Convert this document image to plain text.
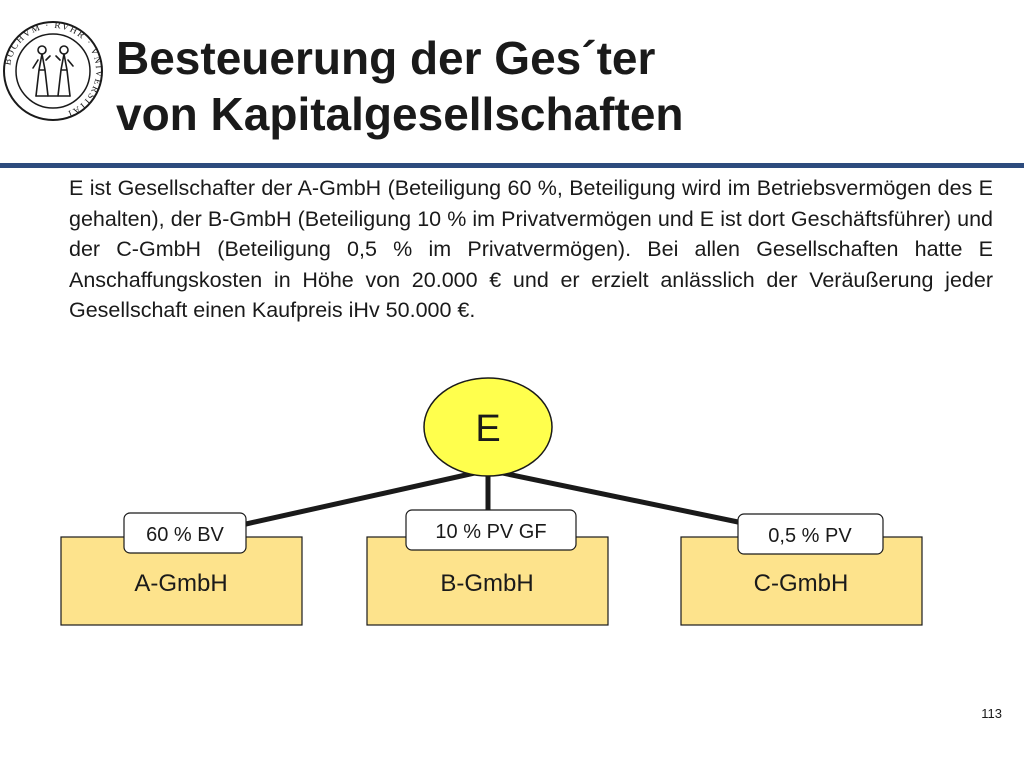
BOCHVM · RVHR · VNIVERSITAT
Besteuerung der Ges´ter
von Kapitalgesellschaften

E ist Gesellschafter der A-GmbH (Beteiligung 60 %, Beteiligung wird im Betriebsvermögen des E gehalten), der B-GmbH (Beteiligung 10 % im Privatvermögen und E ist dort Geschäftsführer) und der C-GmbH (Beteiligung 0,5 % im Privatvermögen). Bei allen Gesellschaften hatte E Anschaffungskosten in Höhe von 20.000 € und er erzielt anlässlich der Veräußerung jeder Gesellschaft einen Kaufpreis iHv 50.000 €.

E
A-GmbH	B-GmbH	C-GmbH
60 % BV	10 % PV GF	0,5 % PV
113
